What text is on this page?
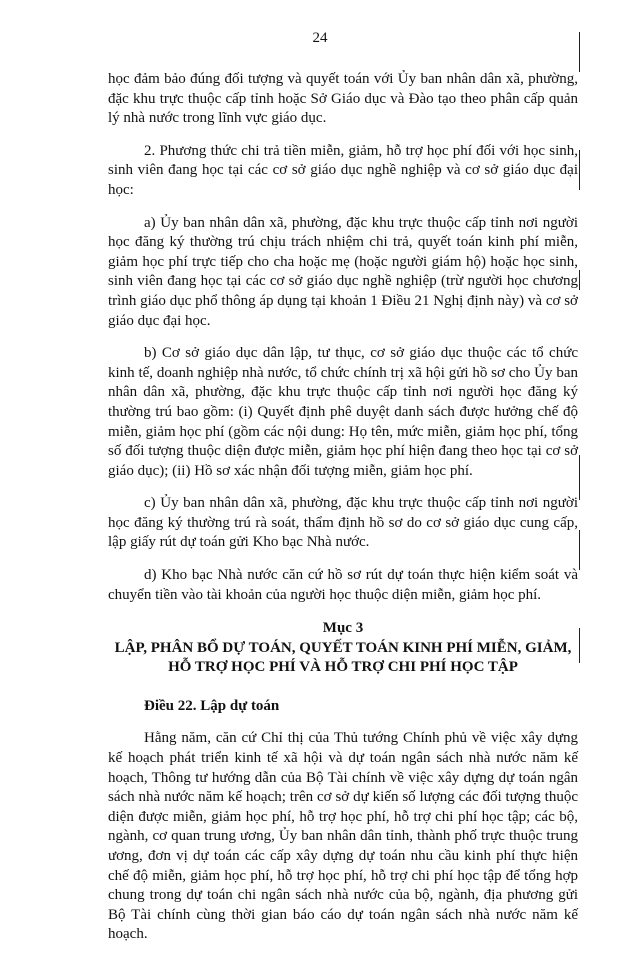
24

học đảm bảo đúng đối tượng và quyết toán với Ủy ban nhân dân xã, phường, đặc khu trực thuộc cấp tỉnh hoặc Sở Giáo dục và Đào tạo theo phân cấp quản lý nhà nước trong lĩnh vực giáo dục.

2. Phương thức chi trả tiền miễn, giảm, hỗ trợ học phí đối với học sinh, sinh viên đang học tại các cơ sở giáo dục nghề nghiệp và cơ sở giáo dục đại học:

a) Ủy ban nhân dân xã, phường, đặc khu trực thuộc cấp tỉnh nơi người học đăng ký thường trú chịu trách nhiệm chi trả, quyết toán kinh phí miễn, giảm học phí trực tiếp cho cha hoặc mẹ (hoặc người giám hộ) hoặc học sinh, sinh viên đang học tại các cơ sở giáo dục nghề nghiệp (trừ người học chương trình giáo dục phổ thông áp dụng tại khoản 1 Điều 21 Nghị định này) và cơ sở giáo dục đại học.

b) Cơ sở giáo dục dân lập, tư thục, cơ sở giáo dục thuộc các tổ chức kinh tế, doanh nghiệp nhà nước, tổ chức chính trị xã hội gửi hồ sơ cho Ủy ban nhân dân xã, phường, đặc khu trực thuộc cấp tỉnh nơi người học đăng ký thường trú bao gồm: (i) Quyết định phê duyệt danh sách được hưởng chế độ miễn, giảm học phí (gồm các nội dung: Họ tên, mức miễn, giảm học phí, tổng số đối tượng thuộc diện được miễn, giảm học phí hiện đang theo học tại cơ sở giáo dục); (ii) Hồ sơ xác nhận đối tượng miễn, giảm học phí.

c) Ủy ban nhân dân xã, phường, đặc khu trực thuộc cấp tỉnh nơi người học đăng ký thường trú rà soát, thẩm định hồ sơ do cơ sở giáo dục cung cấp, lập giấy rút dự toán gửi Kho bạc Nhà nước.

d) Kho bạc Nhà nước căn cứ hồ sơ rút dự toán thực hiện kiểm soát và chuyển tiền vào tài khoản của người học thuộc diện miễn, giảm học phí.

Mục 3
LẬP, PHÂN BỔ DỰ TOÁN, QUYẾT TOÁN KINH PHÍ MIỄN, GIẢM, HỖ TRỢ HỌC PHÍ VÀ HỖ TRỢ CHI PHÍ HỌC TẬP

Điều 22. Lập dự toán

Hằng năm, căn cứ Chỉ thị của Thủ tướng Chính phủ về việc xây dựng kế hoạch phát triển kinh tế xã hội và dự toán ngân sách nhà nước năm kế hoạch, Thông tư hướng dẫn của Bộ Tài chính về việc xây dựng dự toán ngân sách nhà nước năm kế hoạch; trên cơ sở dự kiến số lượng các đối tượng thuộc diện được miễn, giảm học phí, hỗ trợ học phí, hỗ trợ chi phí học tập; các bộ, ngành, cơ quan trung ương, Ủy ban nhân dân tỉnh, thành phố trực thuộc trung ương, đơn vị dự toán các cấp xây dựng dự toán nhu cầu kinh phí thực hiện chế độ miễn, giảm học phí, hỗ trợ học phí, hỗ trợ chi phí học tập để tổng hợp chung trong dự toán chi ngân sách nhà nước của bộ, ngành, địa phương gửi Bộ Tài chính cùng thời gian báo cáo dự toán ngân sách nhà nước năm kế hoạch.
